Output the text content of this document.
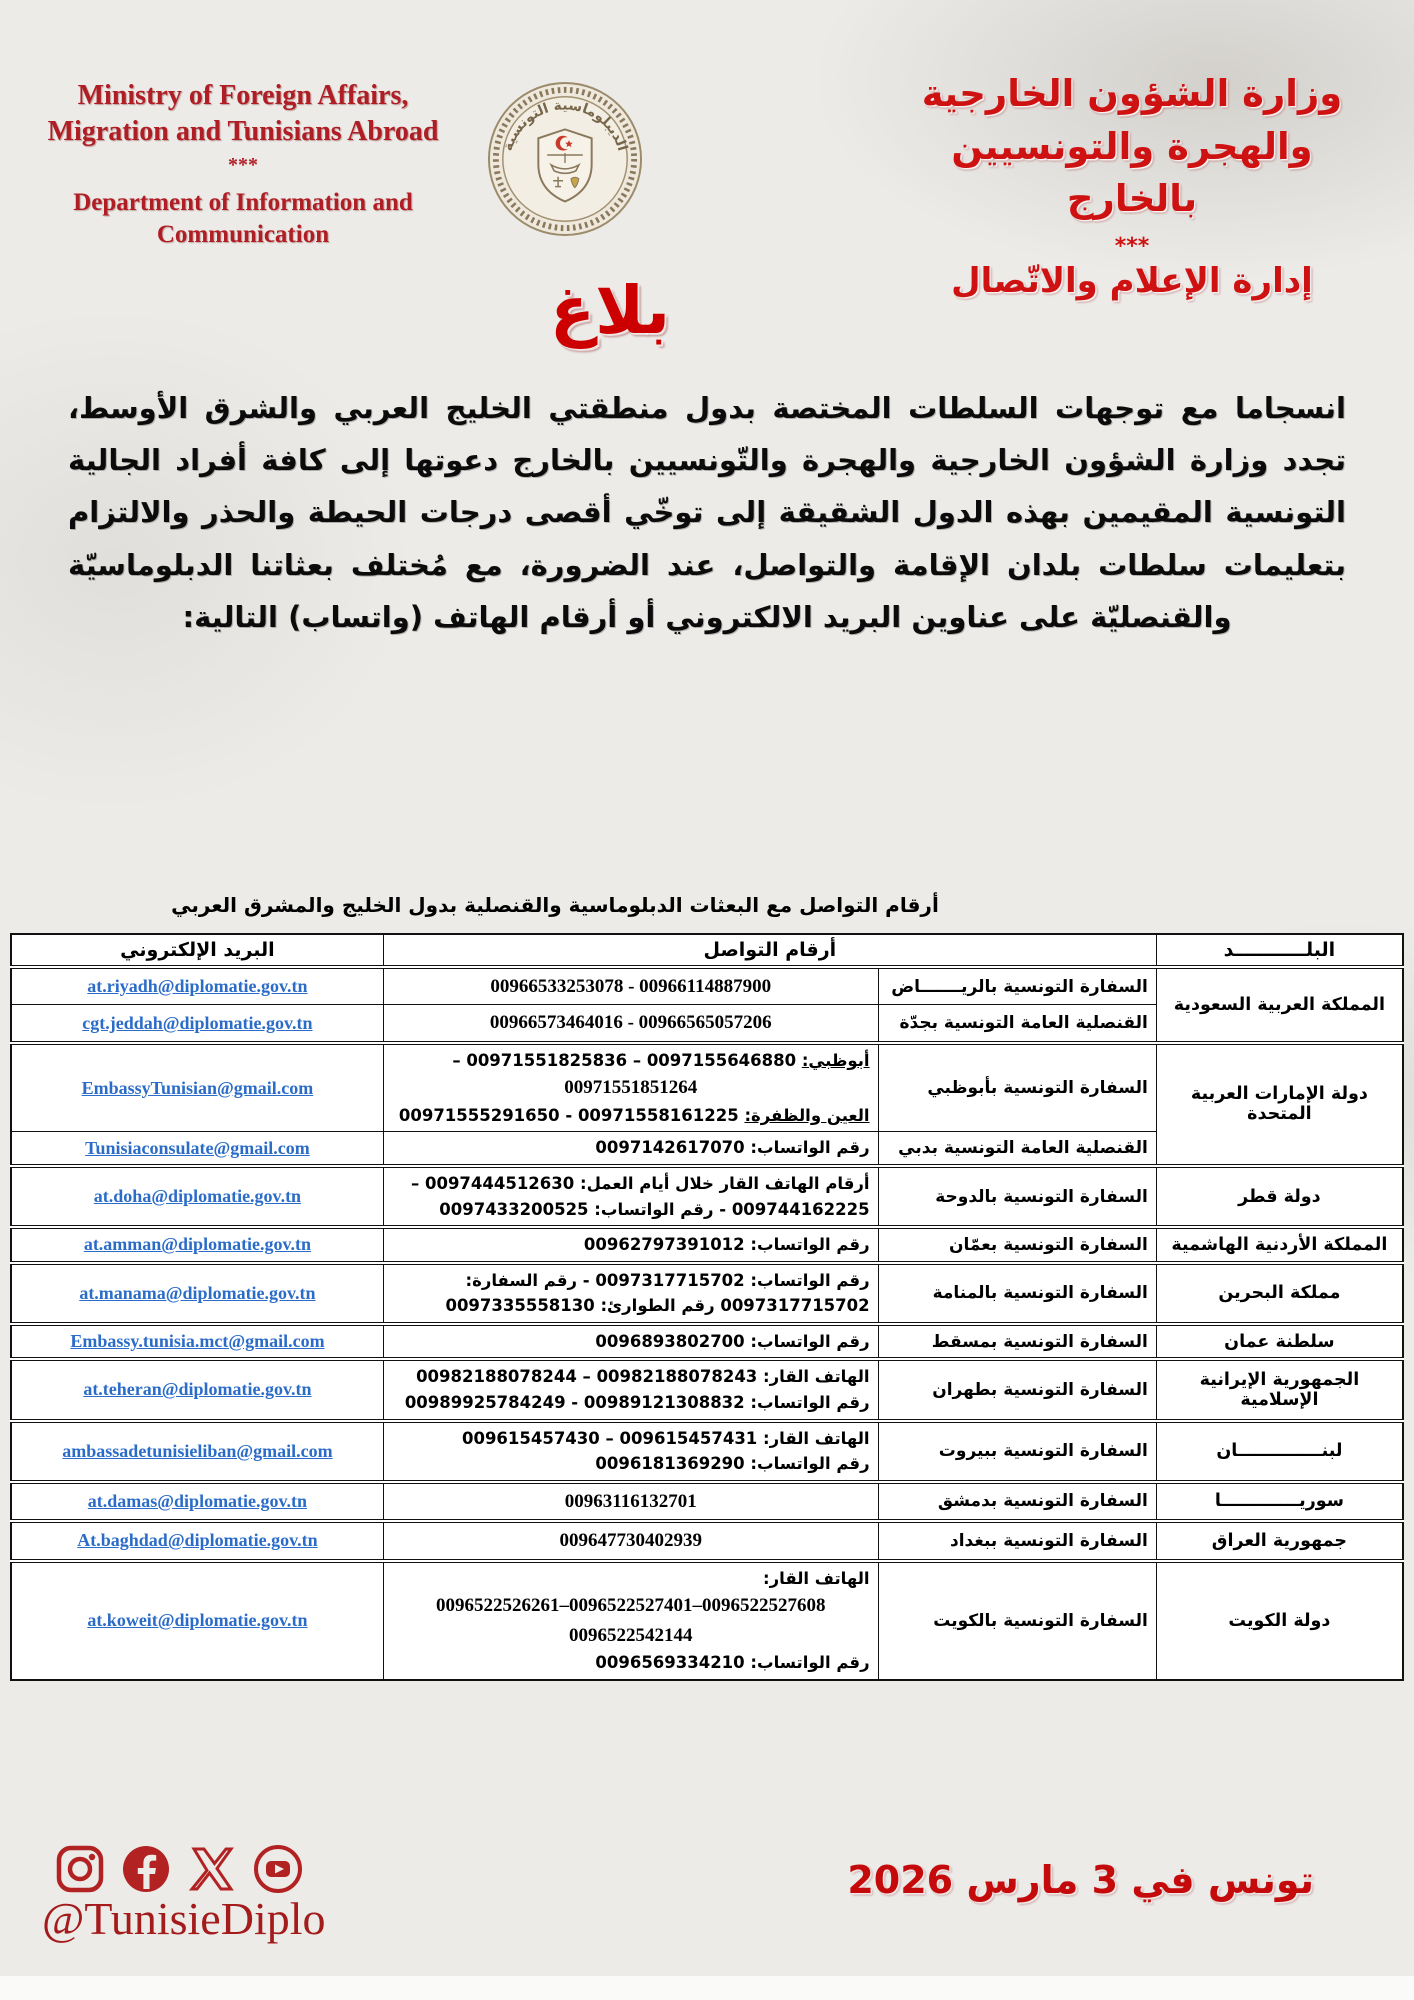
Ministry of Foreign Affairs, Migration and Tunisians Abroad
***
Department of Information and Communication
الديبلوماسية التونسية
وزارة الشؤون الخارجية والهجرة والتونسيين بالخارج
***
إدارة الإعلام والاتّصال
بلاغ
انسجاما مع توجهات السلطات المختصة بدول منطقتي الخليج العربي والشرق الأوسط، تجدد وزارة الشؤون الخارجية والهجرة والتّونسيين بالخارج دعوتها إلى كافة أفراد الجالية التونسية المقيمين بهذه الدول الشقيقة إلى توخّي أقصى درجات الحيطة والحذر والالتزام بتعليمات سلطات بلدان الإقامة والتواصل، عند الضرورة، مع مُختلف بعثاتنا الدبلوماسيّة والقنصليّة على عناوين البريد الالكتروني أو أرقام الهاتف (واتساب) التالية:
أرقام التواصل مع البعثات الدبلوماسية والقنصلية بدول الخليج والمشرق العربي
البلـــــــــــد	أرقام التواصل		البريد الإلكتروني
المملكة العربية السعودية	السفارة التونسية بالريـــــــاض	00966533253078 - 00966114887900	at.riyadh@diplomatie.gov.tn
	القنصلية العامة التونسية بجدّة	00966573464016 - 00966565057206	cgt.jeddah@diplomatie.gov.tn
دولة الإمارات العربية المتحدة	السفارة التونسية بأبوظبي	أبوظبي: 0097155646880 – 00971551825836 –
00971551851264
العين والظفرة: 00971558161225 - 00971555291650	EmbassyTunisian@gmail.com
	القنصلية العامة التونسية بدبي	رقم الواتساب: 0097142617070	Tunisiaconsulate@gmail.com
دولة قطر	السفارة التونسية بالدوحة	أرقام الهاتف القار خلال أيام العمل: 0097444512630 –
009744162225 - رقم الواتساب: 0097433200525	at.doha@diplomatie.gov.tn
المملكة الأردنية الهاشمية	السفارة التونسية بعمّان	رقم الواتساب: 00962797391012	at.amman@diplomatie.gov.tn
مملكة البحرين	السفارة التونسية بالمنامة	رقم الواتساب: 0097317715702 - رقم السفارة:
0097317715702 رقم الطوارئ: 0097335558130	at.manama@diplomatie.gov.tn
سلطنة عمان	السفارة التونسية بمسقط	رقم الواتساب: 0096893802700	Embassy.tunisia.mct@gmail.com
الجمهورية الإيرانية الإسلامية	السفارة التونسية بطهران	الهاتف القار: 00982188078243 – 00982188078244
رقم الواتساب: 00989121308832 - 00989925784249	at.teheran@diplomatie.gov.tn
لبنــــــــــــــان	السفارة التونسية ببيروت	الهاتف القار: 009615457431 – 009615457430
رقم الواتساب: 0096181369290	ambassadetunisieliban@gmail.com
سوريـــــــــــــا	السفارة التونسية بدمشق	00963116132701	at.damas@diplomatie.gov.tn
جمهورية العراق	السفارة التونسية ببغداد	009647730402939	At.baghdad@diplomatie.gov.tn
دولة الكويت	السفارة التونسية بالكويت	الهاتف القار:
0096522526261–0096522527401–0096522527608
0096522542144
رقم الواتساب: 0096569334210	at.koweit@diplomatie.gov.tn
@TunisieDiplo
تونس في 3 مارس 2026
